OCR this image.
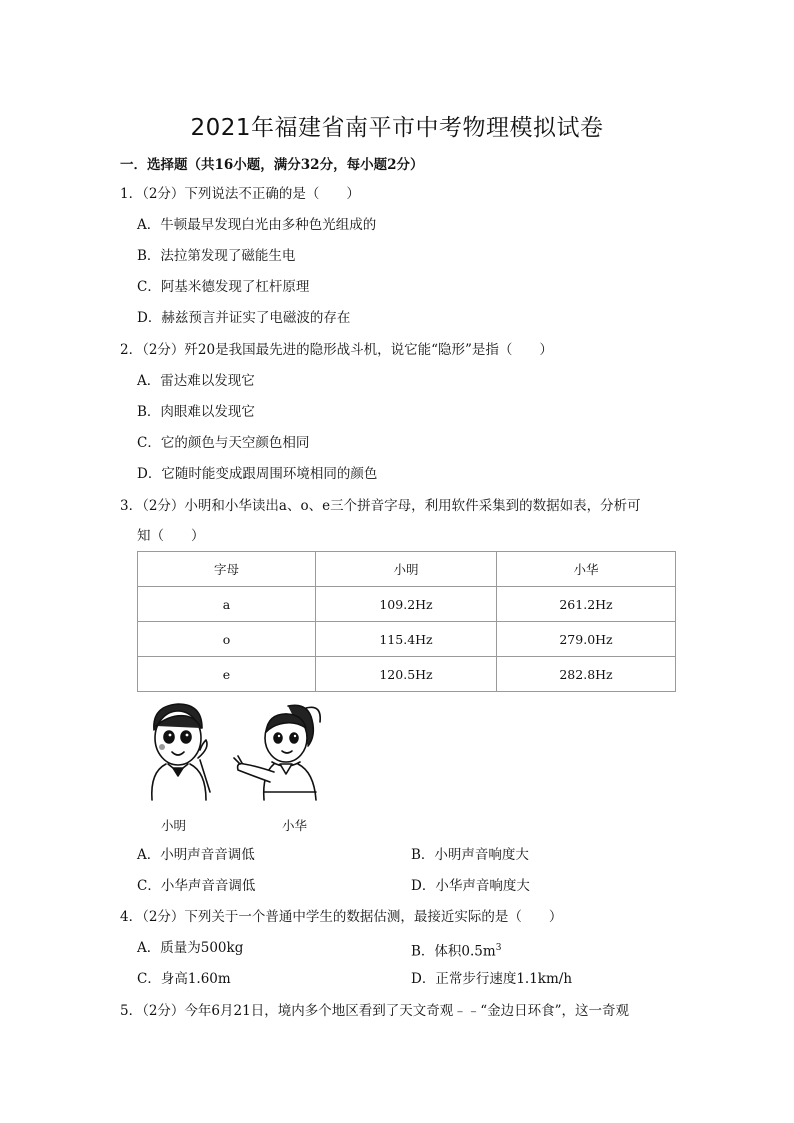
2021年福建省南平市中考物理模拟试卷
一．选择题（共16小题，满分32分，每小题2分）
1．（2分）下列说法不正确的是（　　）
A．牛顿最早发现白光由多种色光组成的
B．法拉第发现了磁能生电
C．阿基米德发现了杠杆原理
D．赫兹预言并证实了电磁波的存在
2．（2分）歼20是我国最先进的隐形战斗机，说它能“隐形”是指（　　）
A．雷达难以发现它
B．肉眼难以发现它
C．它的颜色与天空颜色相同
D．它随时能变成跟周围环境相同的颜色
3．（2分）小明和小华读出a、o、e三个拼音字母，利用软件采集到的数据如表，分析可
知（　　）
字母	小明	小华
a	109.2Hz	261.2Hz
o	115.4Hz	279.0Hz
e	120.5Hz	282.8Hz
小明	小华
A．小明声音音调低	B．小明声音响度大
C．小华声音音调低	D．小华声音响度大
4．（2分）下列关于一个普通中学生的数据估测，最接近实际的是（　　）
A．质量为500kg	B．体积$0.5m^3$
C．身高1.60m	D．正常步行速度1.1km/h
5．（2分）今年6月21日，境内多个地区看到了天文奇观﹣﹣“金边日环食”，这一奇观
